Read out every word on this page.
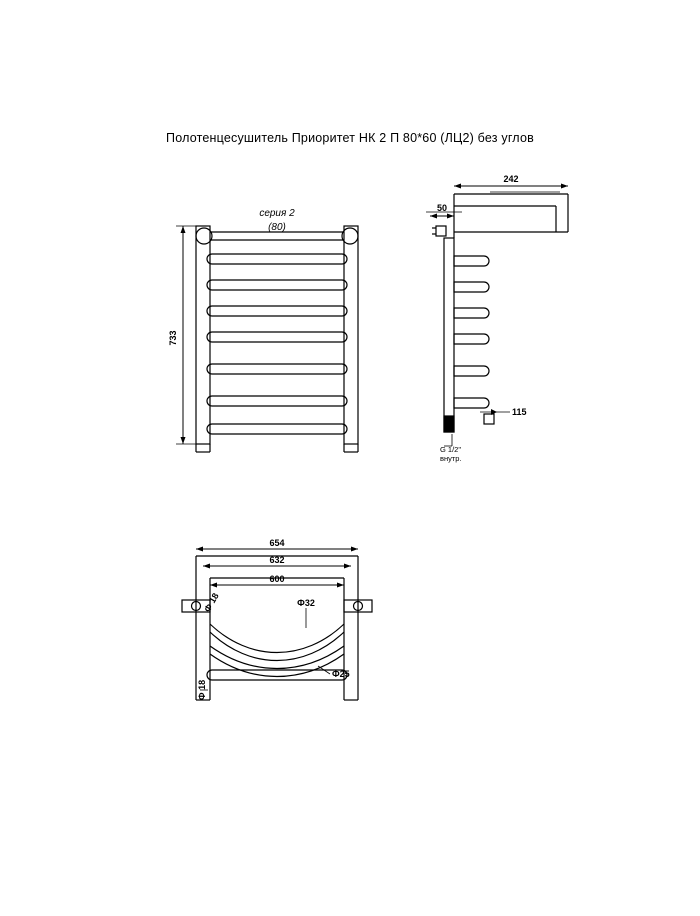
Полотенцесушитель Приоритет НК 2 П 80*60 (ЛЦ2) без углов
серия 2
(80)
733
242
50
115
G 1/2"
внутр.
654
632
600
Ф32
Ф25
Ф 18
Ф 18
